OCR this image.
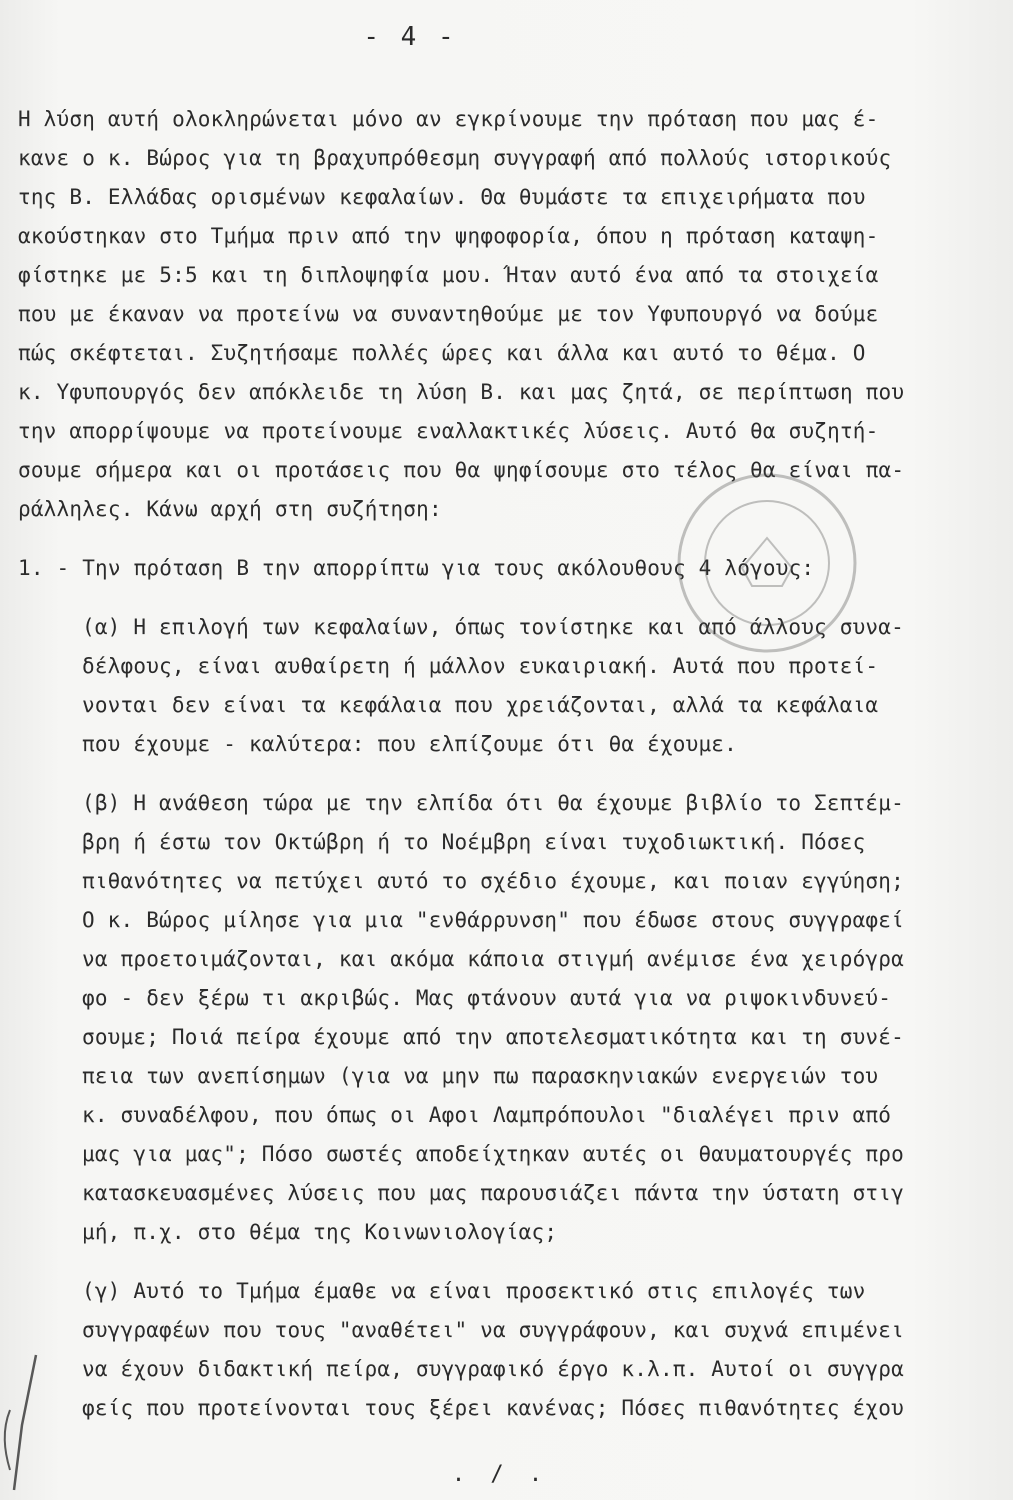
- 4 -
Η λύση αυτή ολοκληρώνεται μόνο αν εγκρίνουμε την πρόταση που μας έ-
κανε ο κ. Βώρος για τη βραχυπρόθεσμη συγγραφή από πολλούς ιστορικούς
της Β. Ελλάδας ορισμένων κεφαλαίων. Θα θυμάστε τα επιχειρήματα που
ακούστηκαν στο Τμήμα πριν από την ψηφοφορία, όπου η πρόταση καταψη-
φίστηκε με 5:5 και τη διπλοψηφία μου. Ήταν αυτό ένα από τα στοιχεία
που με έκαναν να προτείνω να συναντηθούμε με τον Υφυπουργό να δούμε
πώς σκέφτεται. Συζητήσαμε πολλές ώρες και άλλα και αυτό το θέμα. Ο
κ. Υφυπουργός δεν απόκλειδε τη λύση Β. και μας ζητά, σε περίπτωση που
την απορρίψουμε να προτείνουμε εναλλακτικές λύσεις. Αυτό θα συζητή-
σουμε σήμερα και οι προτάσεις που θα ψηφίσουμε στο τέλος θα είναι πα-
ράλληλες. Κάνω αρχή στη συζήτηση:
1. - Την πρόταση Β την απορρίπτω για τους ακόλουθους 4 λόγους:
(α) Η επιλογή των κεφαλαίων, όπως τονίστηκε και από άλλους συνα-
δέλφους, είναι αυθαίρετη ή μάλλον ευκαιριακή. Αυτά που προτεί-
νονται δεν είναι τα κεφάλαια που χρειάζονται, αλλά τα κεφάλαια
που έχουμε - καλύτερα: που ελπίζουμε ότι θα έχουμε.
(β) Η ανάθεση τώρα με την ελπίδα ότι θα έχουμε βιβλίο το Σεπτέμ-
βρη ή έστω τον Οκτώβρη ή το Νοέμβρη είναι τυχοδιωκτική. Πόσες
πιθανότητες να πετύχει αυτό το σχέδιο έχουμε, και ποιαν εγγύηση;
Ο κ. Βώρος μίλησε για μια "ενθάρρυνση" που έδωσε στους συγγραφεί
να προετοιμάζονται, και ακόμα κάποια στιγμή ανέμισε ένα χειρόγρα
φο - δεν ξέρω τι ακριβώς. Μας φτάνουν αυτά για να ριψοκινδυνεύ-
σουμε; Ποιά πείρα έχουμε από την αποτελεσματικότητα και τη συνέ-
πεια των ανεπίσημων (για να μην πω παρασκηνιακών ενεργειών του
κ. συναδέλφου, που όπως οι Αφοι Λαμπρόπουλοι "διαλέγει πριν από
μας για μας"; Πόσο σωστές αποδείχτηκαν αυτές οι θαυματουργές προ
κατασκευασμένες λύσεις που μας παρουσιάζει πάντα την ύστατη στιγ
μή, π.χ. στο θέμα της Κοινωνιολογίας;
(γ) Αυτό το Τμήμα έμαθε να είναι προσεκτικό στις επιλογές των
συγγραφέων που τους "αναθέτει" να συγγράφουν, και συχνά επιμένει
να έχουν διδακτική πείρα, συγγραφικό έργο κ.λ.π. Αυτοί οι συγγρα
φείς που προτείνονται τους ξέρει κανένας; Πόσες πιθανότητες έχου
. / .
